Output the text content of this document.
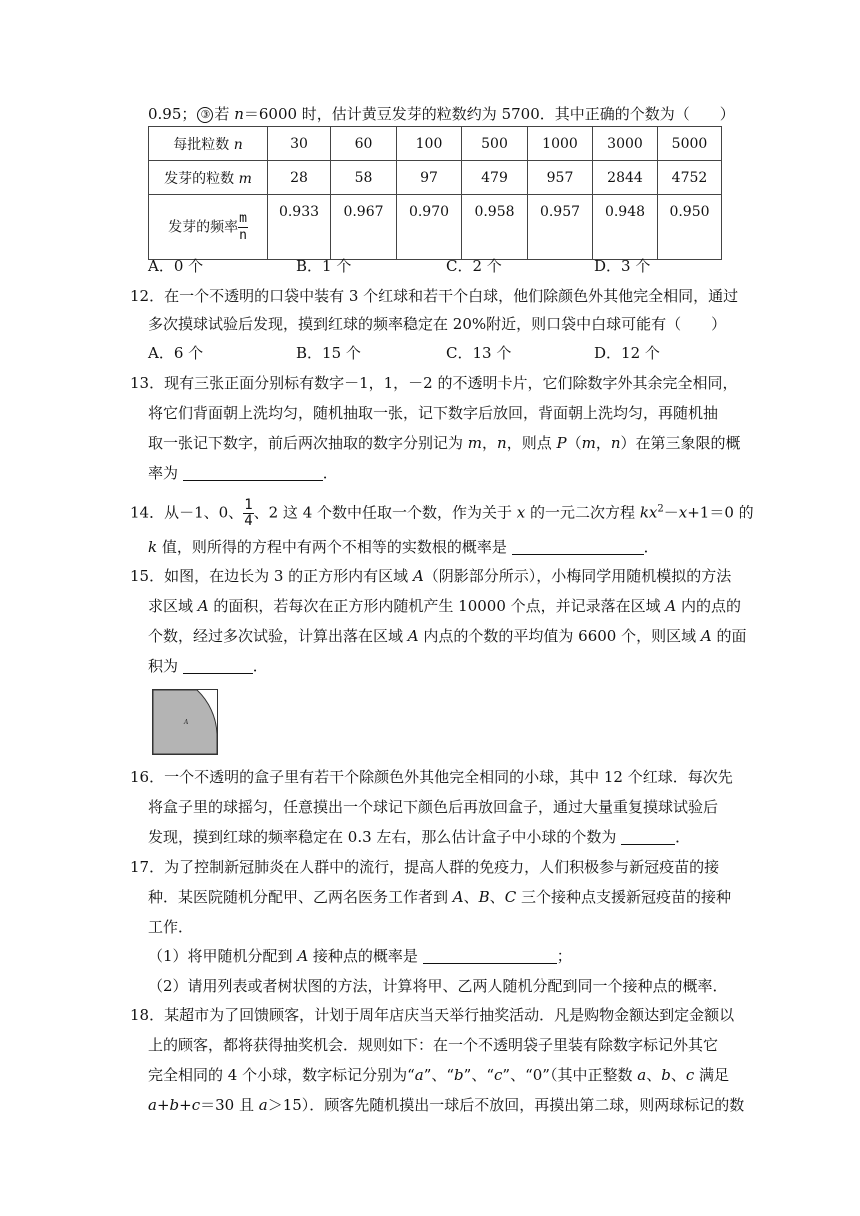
0.95； ③ 若 n＝6000 时，估计黄豆发芽的粒数约为 5700．其中正确的个数为（　　）
每批粒数 n	30	60	100	500	1000	3000	5000
发芽的粒数 m	28	58	97	479	957	2844	4752
发芽的频率 $\frac{m}{n}$	0.933	0.967	0.970	0.958	0.957	0.948	0.950
A．0 个	B．1 个	C．2 个	D．3 个
12．在一个不透明的口袋中装有 3 个红球和若干个白球，他们除颜色外其他完全相同，通过
多次摸球试验后发现，摸到红球的频率稳定在 20%附近，则口袋中白球可能有（　　）
A．6 个	B．15 个	C．13 个	D．12 个
13．现有三张正面分别标有数字－1，1，－2 的不透明卡片，它们除数字外其余完全相同，
将它们背面朝上洗均匀，随机抽取一张，记下数字后放回，背面朝上洗均匀，再随机抽
取一张记下数字，前后两次抽取的数字分别记为 m，n，则点 P（m，n）在第三象限的概
率为	．
14．从－1、0、 $\frac{1}{4}$ 、2 这 4 个数中任取一个数，作为关于 x 的一元二次方程 $kx^2-x+1=0$ 的
k 值，则所得的方程中有两个不相等的实数根的概率是	．
15．如图，在边长为 3 的正方形内有区域 A（阴影部分所示），小梅同学用随机模拟的方法
求区域 A 的面积，若每次在正方形内随机产生 10000 个点，并记录落在区域 A 内的点的
个数，经过多次试验，计算出落在区域 A 内点的个数的平均值为 6600 个，则区域 A 的面
积为	．
A
16．一个不透明的盒子里有若干个除颜色外其他完全相同的小球，其中 12 个红球．每次先
将盒子里的球摇匀，任意摸出一个球记下颜色后再放回盒子，通过大量重复摸球试验后
发现，摸到红球的频率稳定在 0.3 左右，那么估计盒子中小球的个数为	．
17．为了控制新冠肺炎在人群中的流行，提高人群的免疫力，人们积极参与新冠疫苗的接
种．某医院随机分配甲、乙两名医务工作者到 A、B、C 三个接种点支援新冠疫苗的接种
工作．
（1）将甲随机分配到 A 接种点的概率是	；
（2）请用列表或者树状图的方法，计算将甲、乙两人随机分配到同一个接种点的概率．
18．某超市为了回馈顾客，计划于周年店庆当天举行抽奖活动．凡是购物金额达到定金额以
上的顾客，都将获得抽奖机会．规则如下：在一个不透明袋子里装有除数字标记外其它
完全相同的 4 个小球，数字标记分别为“a”、“b”、“c”、“0”（其中正整数 a、b、c 满足
a+b+c＝30 且 a＞15）．顾客先随机摸出一球后不放回，再摸出第二球，则两球标记的数
